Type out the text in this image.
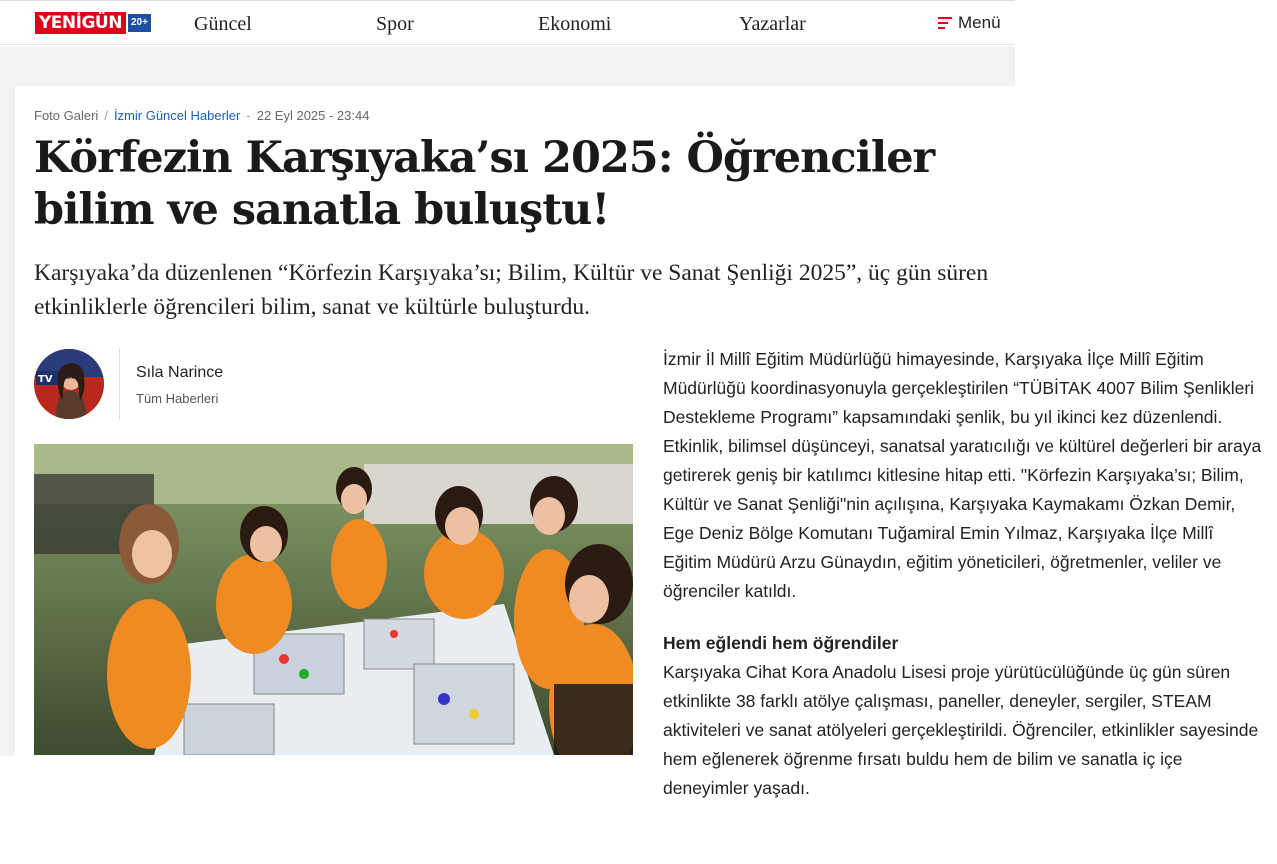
YENİGÜN 20+ Güncel	Spor	Ekonomi	Yazarlar	Menü
Foto Galeri / İzmir Güncel Haberler - 22 Eyl 2025 - 23:44
Körfezin Karşıyaka’sı 2025: Öğrenciler bilim ve sanatla buluştu!
Karşıyaka’da düzenlenen “Körfezin Karşıyaka’sı; Bilim, Kültür ve Sanat Şenliği 2025”, üç gün süren etkinliklerle öğrencileri bilim, sanat ve kültürle buluşturdu.
TV	Sıla Narince
Tüm Haberleri

İzmir İl Millî Eğitim Müdürlüğü himayesinde, Karşıyaka İlçe Millî Eğitim Müdürlüğü koordinasyonuyla gerçekleştirilen “TÜBİTAK 4007 Bilim Şenlikleri Destekleme Programı” kapsamındaki şenlik, bu yıl ikinci kez düzenlendi. Etkinlik, bilimsel düşünceyi, sanatsal yaratıcılığı ve kültürel değerleri bir araya getirerek geniş bir katılımcı kitlesine hitap etti. "Körfezin Karşıyaka’sı; Bilim, Kültür ve Sanat Şenliği"nin açılışına, Karşıyaka Kaymakamı Özkan Demir, Ege Deniz Bölge Komutanı Tuğamiral Emin Yılmaz, Karşıyaka İlçe Millî Eğitim Müdürü Arzu Günaydın, eğitim yöneticileri, öğretmenler, veliler ve öğrenciler katıldı.

Hem eğlendi hem öğrendiler

Karşıyaka Cihat Kora Anadolu Lisesi proje yürütücülüğünde üç gün süren etkinlikte 38 farklı atölye çalışması, paneller, deneyler, sergiler, STEAM aktiviteleri ve sanat atölyeleri gerçekleştirildi. Öğrenciler, etkinlikler sayesinde hem eğlenerek öğrenme fırsatı buldu hem de bilim ve sanatla iç içe deneyimler yaşadı.
